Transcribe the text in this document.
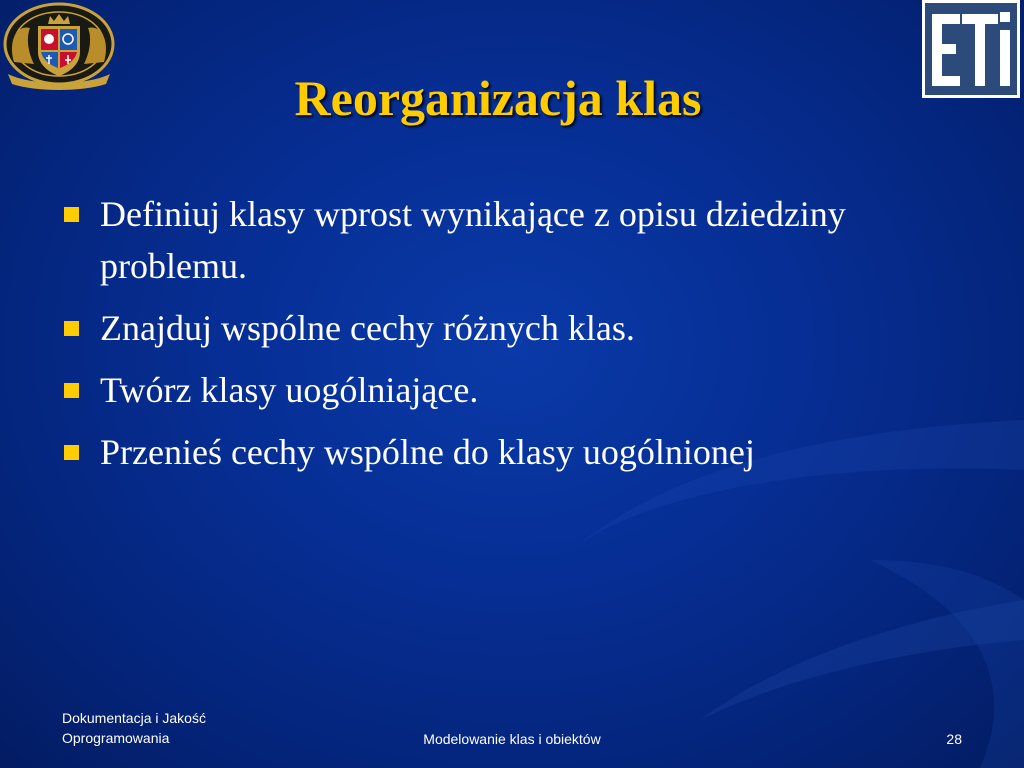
Reorganizacja klas
Definiuj klasy wprost wynikające z opisu dziedziny problemu.
Znajduj wspólne cechy różnych klas.
Twórz klasy uogólniające.
Przenieś cechy wspólne do klasy uogólnionej
Dokumentacja i Jakość
Oprogramowania	Modelowanie klas i obiektów	28
